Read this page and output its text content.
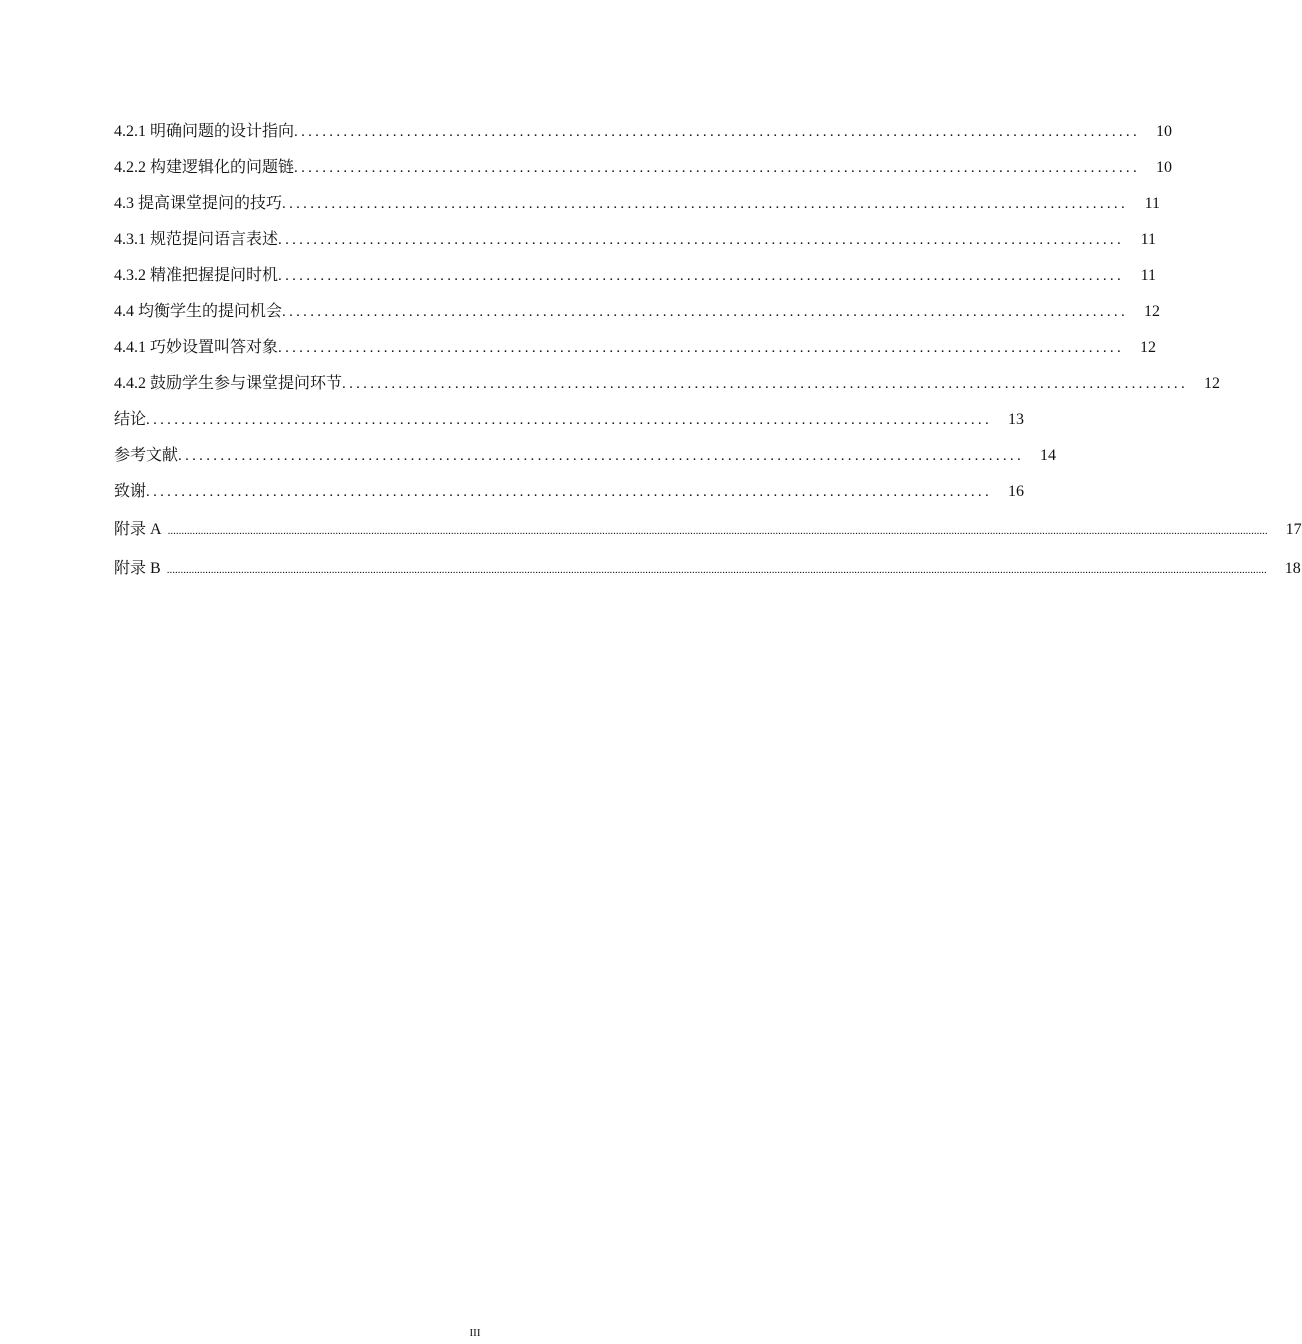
4.2.1 明确问题的设计指向 ........................................................................................................................	10
4.2.2 构建逻辑化的问题链 ........................................................................................................................	10
4.3 提高课堂提问的技巧 ........................................................................................................................	11
4.3.1 规范提问语言表述 ........................................................................................................................	11
4.3.2 精准把握提问时机 ........................................................................................................................	11
4.4 均衡学生的提问机会 ........................................................................................................................	12
4.4.1 巧妙设置叫答对象 ........................................................................................................................	12
4.4.2 鼓励学生参与课堂提问环节 ........................................................................................................................	12
结论 ........................................................................................................................	13
参考文献 ........................................................................................................................	14
致谢 ........................................................................................................................	16
附录 A ................................................................................................................................................................................................................................................................................................................................................................................................................	17
附录 B ................................................................................................................................................................................................................................................................................................................................................................................................................	18
III
